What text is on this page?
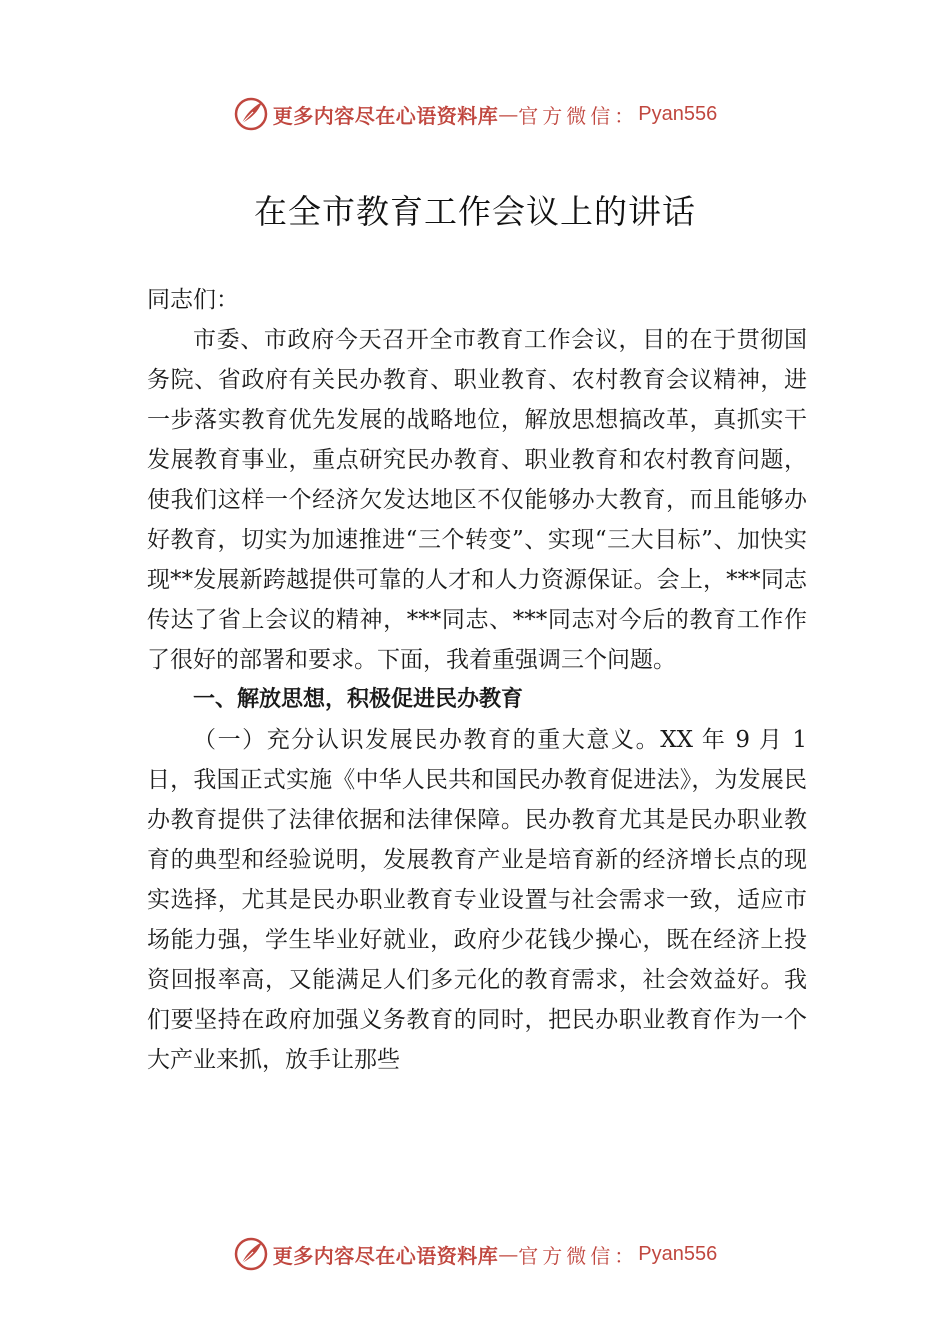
更多内容尽在心语资料库 — 官方微信： Pyan556
在全市教育工作会议上的讲话

同志们：

市委、市政府今天召开全市教育工作会议，目的在于贯彻国务院、省政府有关民办教育、职业教育、农村教育会议精神，进一步落实教育优先发展的战略地位，解放思想搞改革，真抓实干发展教育事业，重点研究民办教育、职业教育和农村教育问题，使我们这样一个经济欠发达地区不仅能够办大教育，而且能够办好教育，切实为加速推进“三个转变”、实现“三大目标”、加快实现**发展新跨越提供可靠的人才和人力资源保证。会上，***同志传达了省上会议的精神，***同志、***同志对今后的教育工作作了很好的部署和要求。下面，我着重强调三个问题。

一、解放思想，积极促进民办教育

（一）充分认识发展民办教育的重大意义。XX 年 9 月 1 日，我国正式实施《中华人民共和国民办教育促进法》，为发展民办教育提供了法律依据和法律保障。民办教育尤其是民办职业教育的典型和经验说明，发展教育产业是培育新的经济增长点的现实选择，尤其是民办职业教育专业设置与社会需求一致，适应市场能力强，学生毕业好就业，政府少花钱少操心，既在经济上投资回报率高，又能满足人们多元化的教育需求，社会效益好。我们要坚持在政府加强义务教育的同时，把民办职业教育作为一个大产业来抓，放手让那些

更多内容尽在心语资料库 — 官方微信： Pyan556
